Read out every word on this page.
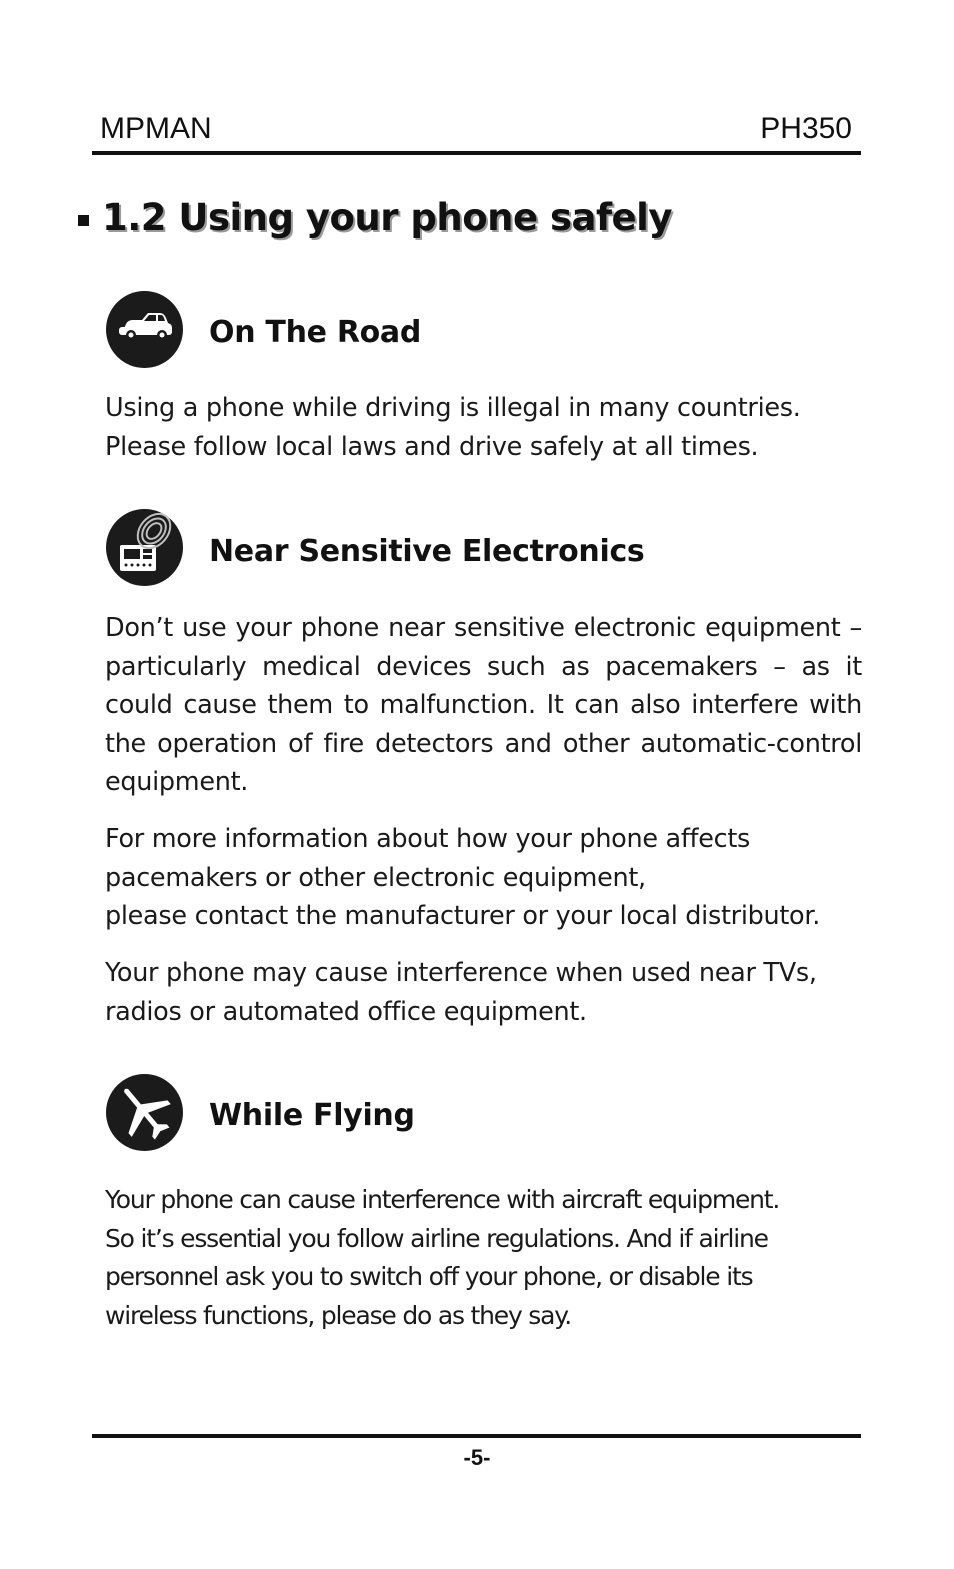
MPMAN	PH350
1.2 Using your phone safely
On The Road

Using a phone while driving is illegal in many countries.
Please follow local laws and drive safely at all times.

Near Sensitive Electronics

Don’t use your phone near sensitive electronic equipment – particularly medical devices such as pacemakers – as it could cause them to malfunction. It can also interfere with the operation of fire detectors and other automatic-control equipment.

For more information about how your phone affects
pacemakers or other electronic equipment,
please contact the manufacturer or your local distributor.

Your phone may cause interference when used near TVs,
radios or automated office equipment.

While Flying

Your phone can cause interference with aircraft equipment.
So it’s essential you follow airline regulations. And if airline
personnel ask you to switch off your phone, or disable its
wireless functions, please do as they say.

-5-
